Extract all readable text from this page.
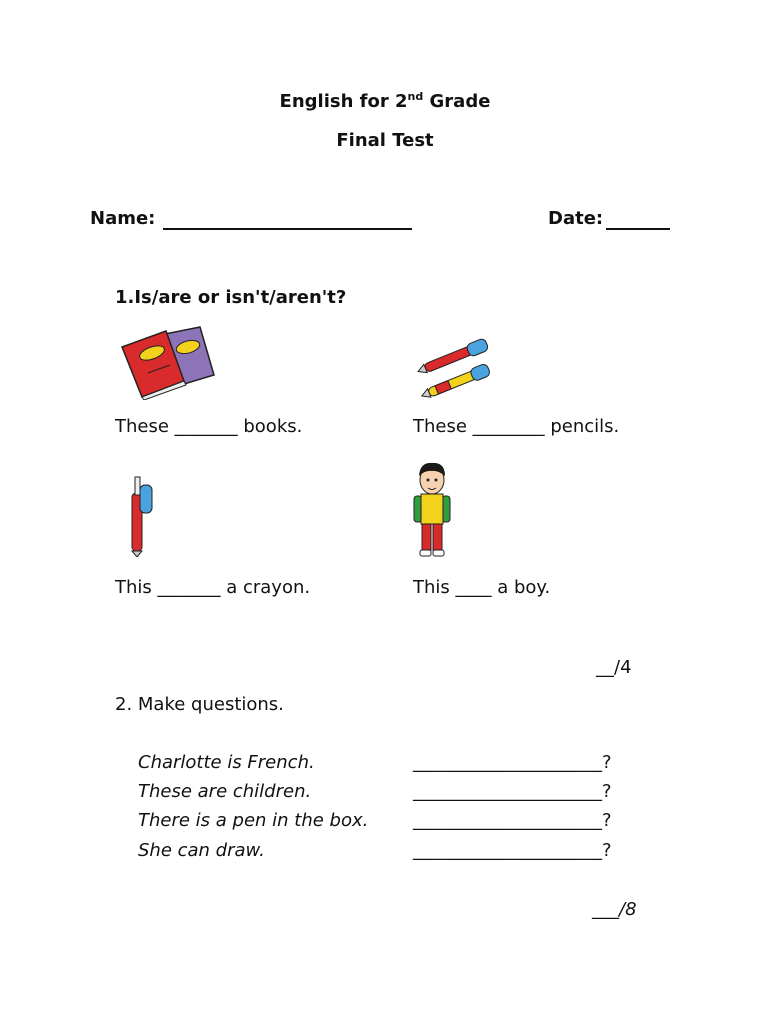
English for 2nd Grade
Final Test
Name:	Date:
1.Is/are or isn't/aren't?
These _______ books.	These ________ pencils.
This _______ a crayon.	This ____ a boy.
__/4
2. Make questions.
Charlotte is French.	_____________________?
These are children.	_____________________?
There is a pen in the box. _____________________?
She can draw.	_____________________?
___/8
